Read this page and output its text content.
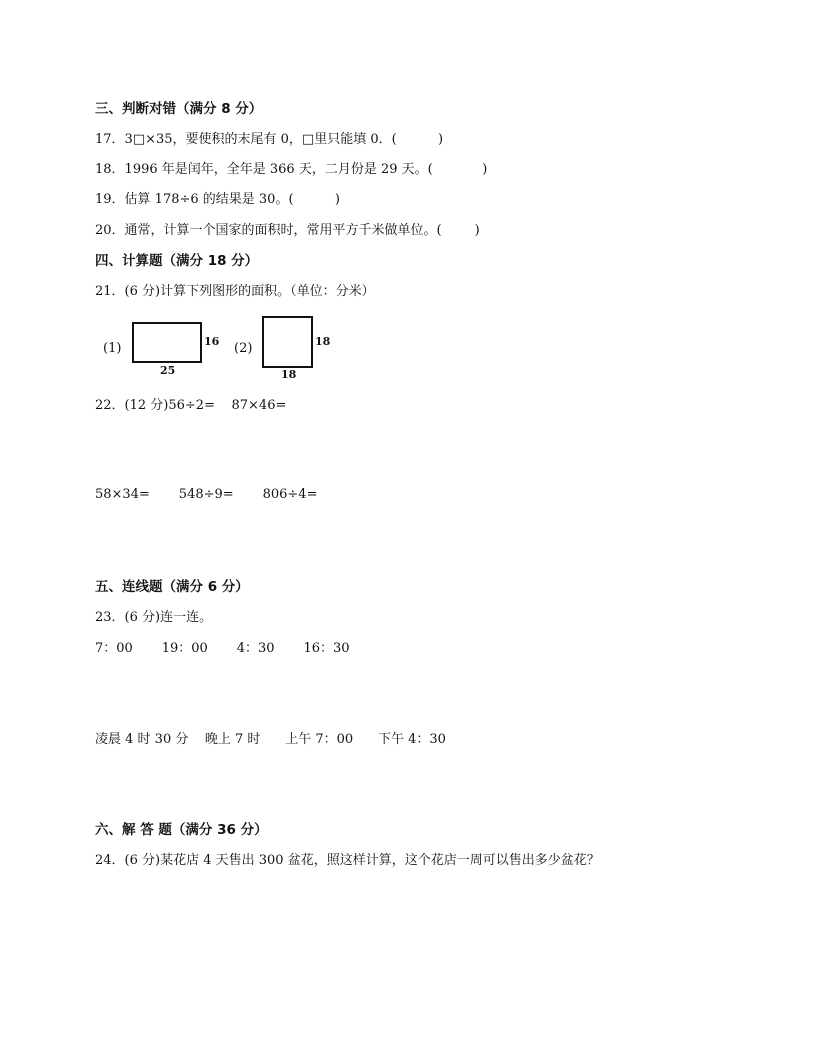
三、判断对错（满分 8 分）
17．3□×35，要使积的末尾有 0，□里只能填 0．(          )
18．1996 年是闰年，全年是 366 天，二月份是 29 天。(            )
19．估算 178÷6 的结果是 30。(          )
20．通常，计算一个国家的面积时，常用平方千米做单位。(        )
四、计算题（满分 18 分）
21．(6 分)计算下列图形的面积。（单位：分米）
(1)	16
25
(2)	18
18
22．(12 分)56÷2=    87×46=
58×34=       548÷9=       806÷4=
五、连线题（满分 6 分）
23．(6 分)连一连。
7：00       19：00       4：30       16：30
凌晨 4 时 30 分    晚上 7 时      上午 7：00      下午 4：30
六、解 答 题（满分 36 分）
24．(6 分)某花店 4 天售出 300 盆花，照这样计算，这个花店一周可以售出多少盆花？
